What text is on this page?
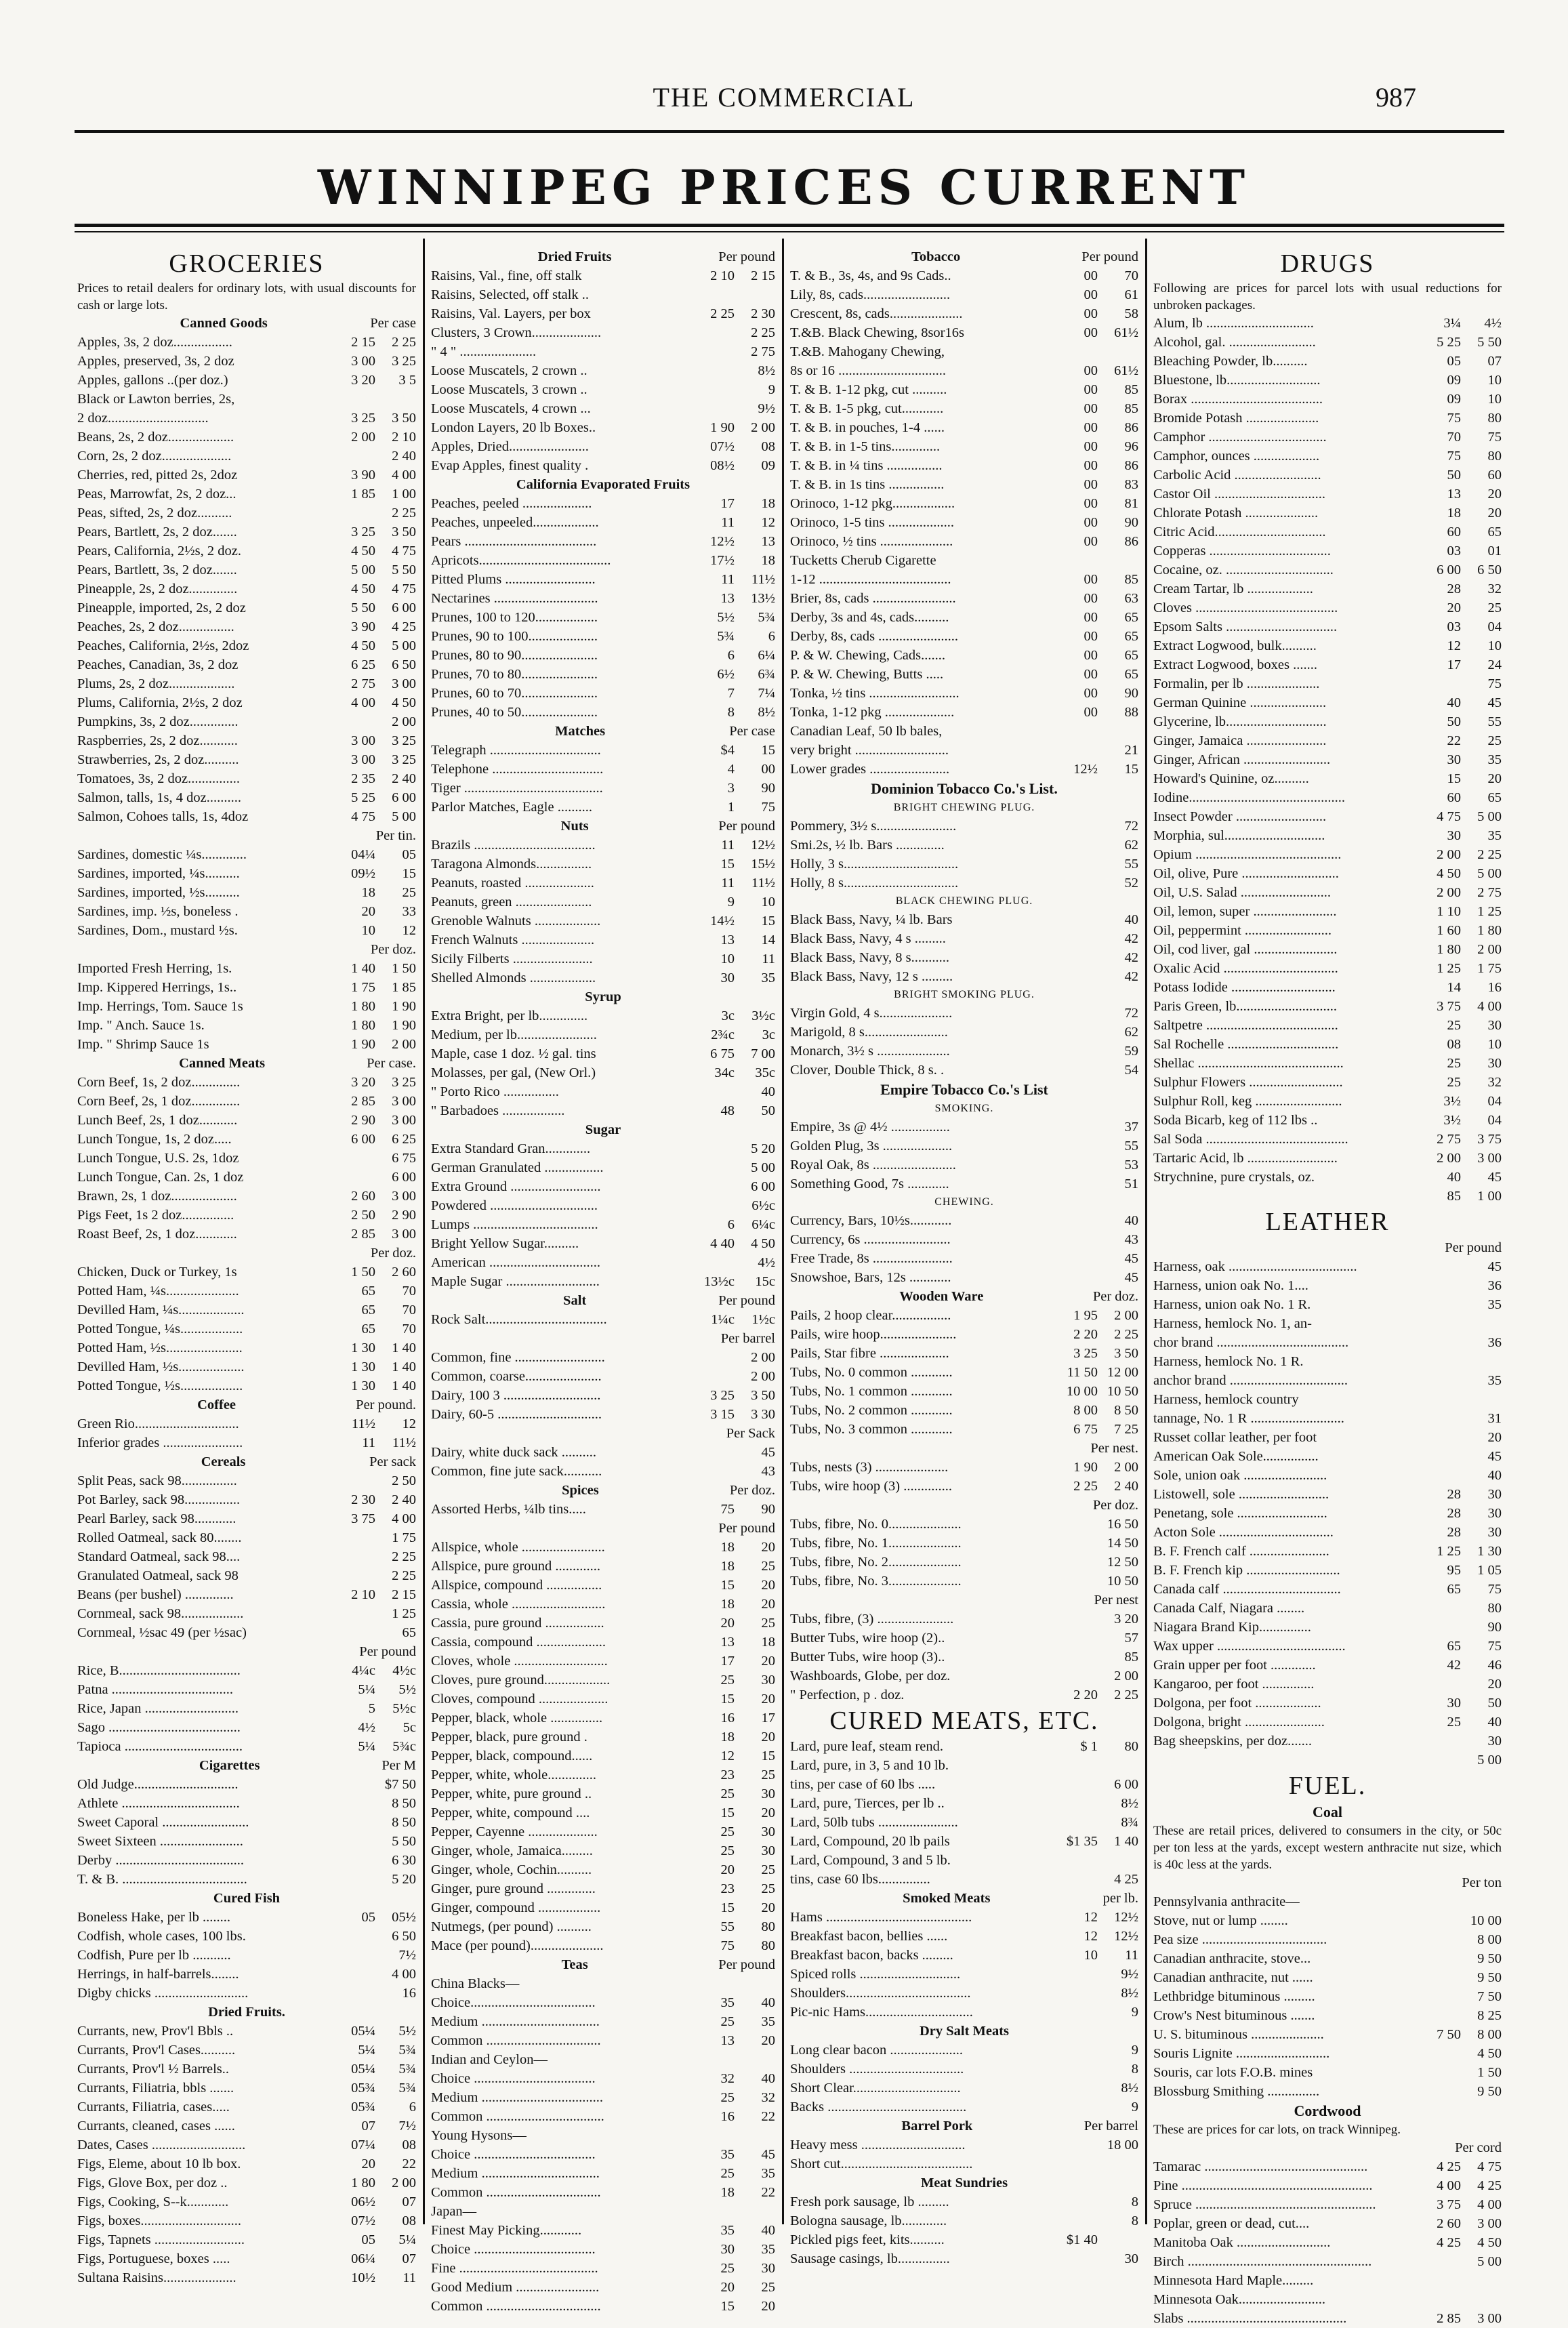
THE COMMERCIAL	987
WINNIPEG PRICES CURRENT
GROCERIES
Prices to retail dealers for ordinary lots, with usual discounts for cash or large lots.
Canned Goods	Per case
Apples, 3s, 2 doz.................	2 15	2 25
Apples, preserved, 3s, 2 doz	3 00	3 25
Apples, gallons ..(per doz.)	3 20	3 5
Black or Lawton berries, 2s,
2 doz.............................	3 25	3 50
Beans, 2s, 2 doz...................	2 00	2 10
Corn, 2s, 2 doz....................	2 40
Cherries, red, pitted 2s, 2doz	3 90	4 00
Peas, Marrowfat, 2s, 2 doz...	1 85	1 00
Peas, sifted, 2s, 2 doz..........	2 25
Pears, Bartlett, 2s, 2 doz.......	3 25	3 50
Pears, California, 2½s, 2 doz.	4 50	4 75
Pears, Bartlett, 3s, 2 doz.......	5 00	5 50
Pineapple, 2s, 2 doz..............	4 50	4 75
Pineapple, imported, 2s, 2 doz	5 50	6 00
Peaches, 2s, 2 doz................	3 90	4 25
Peaches, California, 2½s, 2doz	4 50	5 00
Peaches, Canadian, 3s, 2 doz	6 25	6 50
Plums, 2s, 2 doz...................	2 75	3 00
Plums, California, 2½s, 2 doz	4 00	4 50
Pumpkins, 3s, 2 doz..............	2 00
Raspberries, 2s, 2 doz...........	3 00	3 25
Strawberries, 2s, 2 doz..........	3 00	3 25
Tomatoes, 3s, 2 doz...............	2 35	2 40
Salmon, talls, 1s, 4 doz..........	5 25	6 00
Salmon, Cohoes talls, 1s, 4doz	4 75	5 00
Per tin.
Sardines, domestic ¼s.............	04¼	05
Sardines, imported, ¼s..........	09½	15
Sardines, imported, ½s..........	18	25
Sardines, imp. ½s, boneless .	20	33
Sardines, Dom., mustard ½s.	10	12
Per doz.
Imported Fresh Herring, 1s.	1 40	1 50
Imp. Kippered Herrings, 1s..	1 75	1 85
Imp. Herrings, Tom. Sauce 1s	1 80	1 90
Imp. " Anch. Sauce 1s.	1 80	1 90
Imp. " Shrimp Sauce 1s	1 90	2 00
Canned Meats	Per case.
Corn Beef, 1s, 2 doz..............	3 20	3 25
Corn Beef, 2s, 1 doz..............	2 85	3 00
Lunch Beef, 2s, 1 doz...........	2 90	3 00
Lunch Tongue, 1s, 2 doz.....	6 00	6 25
Lunch Tongue, U.S. 2s, 1doz	6 75
Lunch Tongue, Can. 2s, 1 doz	6 00
Brawn, 2s, 1 doz...................	2 60	3 00
Pigs Feet, 1s 2 doz...............	2 50	2 90
Roast Beef, 2s, 1 doz............	2 85	3 00
Per doz.
Chicken, Duck or Turkey, 1s	1 50	2 60
Potted Ham, ¼s.....................	65	70
Devilled Ham, ¼s...................	65	70
Potted Tongue, ¼s..................	65	70
Potted Ham, ½s......................	1 30	1 40
Devilled Ham, ½s...................	1 30	1 40
Potted Tongue, ½s..................	1 30	1 40
Coffee	Per pound.
Green Rio..............................	11½	12
Inferior grades .......................	11	11½
Cereals	Per sack
Split Peas, sack 98................	2 50
Pot Barley, sack 98................	2 30	2 40
Pearl Barley, sack 98............	3 75	4 00
Rolled Oatmeal, sack 80........	1 75
Standard Oatmeal, sack 98....	2 25
Granulated Oatmeal, sack 98	2 25
Beans (per bushel) ..............	2 10	2 15
Cornmeal, sack 98..................	1 25
Cornmeal, ½sac 49 (per ½sac)	65
Per pound
Rice, B...................................	4¼c	4½c
Patna ...................................	5¼	5½
Rice, Japan ...........................	5	5½c
Sago ......................................	4½	5c
Tapioca ..................................	5¼	5¾c
Cigarettes	Per M
Old Judge..............................	$7 50
Athlete ..................................	8 50
Sweet Caporal .........................	8 50
Sweet Sixteen ........................	5 50
Derby .....................................	6 30
T. & B. ....................................	5 20
Cured Fish
Boneless Hake, per lb ........	05	05½
Codfish, whole cases, 100 lbs.	6 50
Codfish, Pure per lb ...........	7½
Herrings, in half-barrels........	4 00
Digby chicks ...........................	16
Dried Fruits.
Currants, new, Prov'l Bbls ..	05¼	5½
Currants, Prov'l Cases..........	5¼	5¾
Currants, Prov'l ½ Barrels..	05¼	5¾
Currants, Filiatria, bbls .......	05¾	5¾
Currants, Filiatria, cases.....	05¾	6
Currants, cleaned, cases ......	07	7½
Dates, Cases ...........................	07¼	08
Figs, Eleme, about 10 lb box.	20	22
Figs, Glove Box, per doz ..	1 80	2 00
Figs, Cooking, S--k............	06½	07
Figs, boxes.............................	07½	08
Figs, Tapnets ..........................	05	5¼
Figs, Portuguese, boxes .....	06¼	07
Sultana Raisins.....................	10½	11
Dried Fruits	Per pound
Raisins, Val., fine, off stalk	2 10	2 15
Raisins, Selected, off stalk ..
Raisins, Val. Layers, per box	2 25	2 30
Clusters, 3 Crown....................	2 25
" 4 " ......................	2 75
Loose Muscatels, 2 crown ..	8½
Loose Muscatels, 3 crown ..	9
Loose Muscatels, 4 crown ...	9½
London Layers, 20 lb Boxes..	1 90	2 00
Apples, Dried.......................	07½	08
Evap Apples, finest quality .	08½	09
California Evaporated Fruits
Peaches, peeled ....................	17	18
Peaches, unpeeled...................	11	12
Pears ......................................	12½	13
Apricots......................................	17½	18
Pitted Plums ..........................	11	11½
Nectarines ..............................	13	13½
Prunes, 100 to 120..................	5½	5¾
Prunes, 90 to 100....................	5¾	6
Prunes, 80 to 90......................	6	6¼
Prunes, 70 to 80......................	6½	6¾
Prunes, 60 to 70......................	7	7¼
Prunes, 40 to 50......................	8	8½
Matches	Per case
Telegraph ................................	$4	15
Telephone ................................	4	00
Tiger ........................................	3	90
Parlor Matches, Eagle ..........	1	75
Nuts	Per pound
Brazils ...................................	11	12½
Taragona Almonds................	15	15½
Peanuts, roasted ....................	11	11½
Peanuts, green ......................	9	10
Grenoble Walnuts ...................	14½	15
French Walnuts .....................	13	14
Sicily Filberts .......................	10	11
Shelled Almonds ...................	30	35
Syrup
Extra Bright, per lb..............	3c	3½c
Medium, per lb.......................	2¾c	3c
Maple, case 1 doz. ½ gal. tins	6 75	7 00
Molasses, per gal, (New Orl.)	34c	35c
" Porto Rico ................	40
" Barbadoes ..................	48	50
Sugar
Extra Standard Gran.............	5 20
German Granulated .................	5 00
Extra Ground ..........................	6 00
Powdered ...............................	6½c
Lumps ....................................	6	6¼c
Bright Yellow Sugar..........	4 40	4 50
American ................................	4½
Maple Sugar ...........................	13½c	15c
Salt	Per pound
Rock Salt...................................	1¼c	1½c
Per barrel
Common, fine ..........................	2 00
Common, coarse......................	2 00
Dairy, 100 3 ............................	3 25	3 50
Dairy, 60-5 ..............................	3 15	3 30
Per Sack
Dairy, white duck sack ..........	45
Common, fine jute sack...........	43
Spices	Per doz.
Assorted Herbs, ¼lb tins.....	75	90
Per pound
Allspice, whole ........................	18	20
Allspice, pure ground .............	18	25
Allspice, compound ................	15	20
Cassia, whole ...........................	18	20
Cassia, pure ground .................	20	25
Cassia, compound ....................	13	18
Cloves, whole ...........................	17	20
Cloves, pure ground...................	25	30
Cloves, compound ....................	15	20
Pepper, black, whole ...............	16	17
Pepper, black, pure ground .	18	20
Pepper, black, compound......	12	15
Pepper, white, whole..............	23	25
Pepper, white, pure ground ..	25	30
Pepper, white, compound ....	15	20
Pepper, Cayenne ....................	25	30
Ginger, whole, Jamaica.........	25	30
Ginger, whole, Cochin..........	20	25
Ginger, pure ground ..............	23	25
Ginger, compound ..................	15	20
Nutmegs, (per pound) ..........	55	80
Mace (per pound).....................	75	80
Teas	Per pound
China Blacks—
Choice....................................	35	40
Medium ..................................	25	35
Common .................................	13	20
Indian and Ceylon—
Choice ...................................	32	40
Medium ...................................	25	32
Common ..................................	16	22
Young Hysons—
Choice ...................................	35	45
Medium ..................................	25	35
Common .................................	18	22
Japan—
Finest May Picking............	35	40
Choice ...................................	30	35
Fine ........................................	25	30
Good Medium ........................	20	25
Common .................................	15	20
Tobacco	Per pound
T. & B., 3s, 4s, and 9s Cads..	00	70
Lily, 8s, cads.........................	00	61
Crescent, 8s, cads.....................	00	58
T.&B. Black Chewing, 8sor16s	00	61½
T.&B. Mahogany Chewing,
8s or 16 ...............................	00	61½
T. & B. 1-12 pkg, cut ..........	00	85
T. & B. 1-5 pkg, cut............	00	85
T. & B. in pouches, 1-4 ......	00	86
T. & B. in 1-5 tins..............	00	96
T. & B. in ¼ tins ................	00	86
T. & B. in 1s tins ................	00	83
Orinoco, 1-12 pkg..................	00	81
Orinoco, 1-5 tins ...................	00	90
Orinoco, ½ tins .....................	00	86
Tucketts Cherub Cigarette
1-12 ......................................	00	85
Brier, 8s, cads ........................	00	63
Derby, 3s and 4s, cads..........	00	65
Derby, 8s, cads .......................	00	65
P. & W. Chewing, Cads.......	00	65
P. & W. Chewing, Butts .....	00	65
Tonka, ½ tins ..........................	00	90
Tonka, 1-12 pkg ....................	00	88
Canadian Leaf, 50 lb bales,
very bright ...........................	21
Lower grades .......................	12½	15
Dominion Tobacco Co.'s List.
BRIGHT CHEWING PLUG.
Pommery, 3½ s.......................	72
Smi.2s, ½ lb. Bars ..............	62
Holly, 3 s.................................	55
Holly, 8 s.................................	52
BLACK CHEWING PLUG.
Black Bass, Navy, ¼ lb. Bars	40
Black Bass, Navy, 4 s .........	42
Black Bass, Navy, 8 s...........	42
Black Bass, Navy, 12 s .........	42
BRIGHT SMOKING PLUG.
Virgin Gold, 4 s.....................	72
Marigold, 8 s........................	62
Monarch, 3½ s .....................	59
Clover, Double Thick, 8 s. .	54
Empire Tobacco Co.'s List
SMOKING.
Empire, 3s @ 4½ .................	37
Golden Plug, 3s ....................	55
Royal Oak, 8s ........................	53
Something Good, 7s ............	51
CHEWING.
Currency, Bars, 10½s............	40
Currency, 6s .........................	43
Free Trade, 8s .......................	45
Snowshoe, Bars, 12s ............	45
Wooden Ware	Per doz.
Pails, 2 hoop clear.................	1 95	2 00
Pails, wire hoop......................	2 20	2 25
Pails, Star fibre ....................	3 25	3 50
Tubs, No. 0 common ............	11 50 12 00
Tubs, No. 1 common ............	10 00 10 50
Tubs, No. 2 common ............	8 00	8 50
Tubs, No. 3 common ............	6 75	7 25
Per nest.
Tubs, nests (3) .....................	1 90	2 00
Tubs, wire hoop (3) ..............	2 25	2 40
Per doz.
Tubs, fibre, No. 0.....................	16 50
Tubs, fibre, No. 1.....................	14 50
Tubs, fibre, No. 2.....................	12 50
Tubs, fibre, No. 3.....................	10 50
Per nest
Tubs, fibre, (3) ......................	3 20
Butter Tubs, wire hoop (2)..	57
Butter Tubs, wire hoop (3)..	85
Washboards, Globe, per doz.	2 00
" Perfection, p . doz.	2 20	2 25
CURED MEATS, ETC.
Lard, pure leaf, steam rend.	$ 1	80
Lard, pure, in 3, 5 and 10 lb.
tins, per case of 60 lbs .....	6 00
Lard, pure, Tierces, per lb ..	8½
Lard, 50lb tubs .......................	8¾
Lard, Compound, 20 lb pails	$1 35	1 40
Lard, Compound, 3 and 5 lb.
tins, case 60 lbs...............	4 25
Smoked Meats	per lb.
Hams ..........................................	12	12½
Breakfast bacon, bellies ......	12	12½
Breakfast bacon, backs .........	10	11
Spiced rolls .............................	9½
Shoulders....................................	8½
Pic-nic Hams...............................	9
Dry Salt Meats
Long clear bacon .....................	9
Shoulders .................................	8
Short Clear...............................	8½
Backs ........................................	9
Barrel Pork	Per barrel
Heavy mess ..............................	18 00
Short cut......................................
Meat Sundries
Fresh pork sausage, lb .........	8
Bologna sausage, lb.............	8
Pickled pigs feet, kits..........	$1 40
Sausage casings, lb...............	30
DRUGS
Following are prices for parcel lots with usual reductions for unbroken packages.
Alum, lb ...............................	3¼	4½
Alcohol, gal. .........................	5 25	5 50
Bleaching Powder, lb..........	05	07
Bluestone, lb...........................	09	10
Borax ......................................	09	10
Bromide Potash .....................	75	80
Camphor ..................................	70	75
Camphor, ounces ...................	75	80
Carbolic Acid .........................	50	60
Castor Oil ................................	13	20
Chlorate Potash .....................	18	20
Citric Acid................................	60	65
Copperas ...................................	03	01
Cocaine, oz. ...............................	6 00	6 50
Cream Tartar, lb ...................	28	32
Cloves .........................................	20	25
Epsom Salts ................................	03	04
Extract Logwood, bulk..........	12	10
Extract Logwood, boxes .......	17	24
Formalin, per lb .....................	75
German Quinine ......................	40	45
Glycerine, lb.............................	50	55
Ginger, Jamaica .......................	22	25
Ginger, African .........................	30	35
Howard's Quinine, oz..........	15	20
Iodine.............................................	60	65
Insect Powder ..........................	4 75	5 00
Morphia, sul.............................	30	35
Opium ..........................................	2 00	2 25
Oil, olive, Pure ............................	4 50	5 00
Oil, U.S. Salad ..........................	2 00	2 75
Oil, lemon, super ........................	1 10	1 25
Oil, peppermint .........................	1 60	1 80
Oil, cod liver, gal ........................	1 80	2 00
Oxalic Acid .................................	1 25	1 75
Potass Iodide ..............................	14	16
Paris Green, lb.............................	3 75	4 00
Saltpetre ......................................	25	30
Sal Rochelle ................................	08	10
Shellac ..........................................	25	30
Sulphur Flowers ...........................	25	32
Sulphur Roll, keg .........................	3½	04
Soda Bicarb, keg of 112 lbs ..	3½	04
Sal Soda .........................................	2 75	3 75
Tartaric Acid, lb ..........................	2 00	3 00
Strychnine, pure crystals, oz.	40	45
85	1 00
LEATHER
Per pound
Harness, oak .....................................	45
Harness, union oak No. 1....	36
Harness, union oak No. 1 R.	35
Harness, hemlock No. 1, an-
chor brand ......................................	36
Harness, hemlock No. 1 R.
anchor brand ..................................	35
Harness, hemlock country
tannage, No. 1 R ...........................	31
Russet collar leather, per foot	20
American Oak Sole................	45
Sole, union oak ........................	40
Listowell, sole ..........................	28	30
Penetang, sole ..........................	28	30
Acton Sole .................................	28	30
B. F. French calf .......................	1 25	1 30
B. F. French kip ...........................	95	1 05
Canada calf ..................................	65	75
Canada Calf, Niagara ........	80
Niagara Brand Kip...............	90
Wax upper .....................................	65	75
Grain upper per foot .............	42	46
Kangaroo, per foot ...............	20
Dolgona, per foot ...................	30	50
Dolgona, bright .......................	25	40
Bag sheepskins, per doz.......	30
5 00
FUEL.
Coal
These are retail prices, delivered to consumers in the city, or 50c per ton less at the yards, except western anthracite nut size, which is 40c less at the yards.
Per ton
Pennsylvania anthracite—
Stove, nut or lump ........	10 00
Pea size ....................................	8 00
Canadian anthracite, stove...	9 50
Canadian anthracite, nut ......	9 50
Lethbridge bituminous .........	7 50
Crow's Nest bituminous .......	8 25
U. S. bituminous .....................	7 50	8 00
Souris Lignite ...........................	4 50
Souris, car lots F.O.B. mines	1 50
Blossburg Smithing ...............	9 50
Cordwood
These are prices for car lots, on track Winnipeg.
Per cord
Tamarac ...............................................	4 25	4 75
Pine .......................................................	4 00	4 25
Spruce ....................................................	3 75	4 00
Poplar, green or dead, cut....	2 60	3 00
Manitoba Oak ...........................	4 25	4 50
Birch .....................................................	5 00
Minnesota Hard Maple.........
Minnesota Oak.........................
Slabs ..............................................	2 85	3 00
